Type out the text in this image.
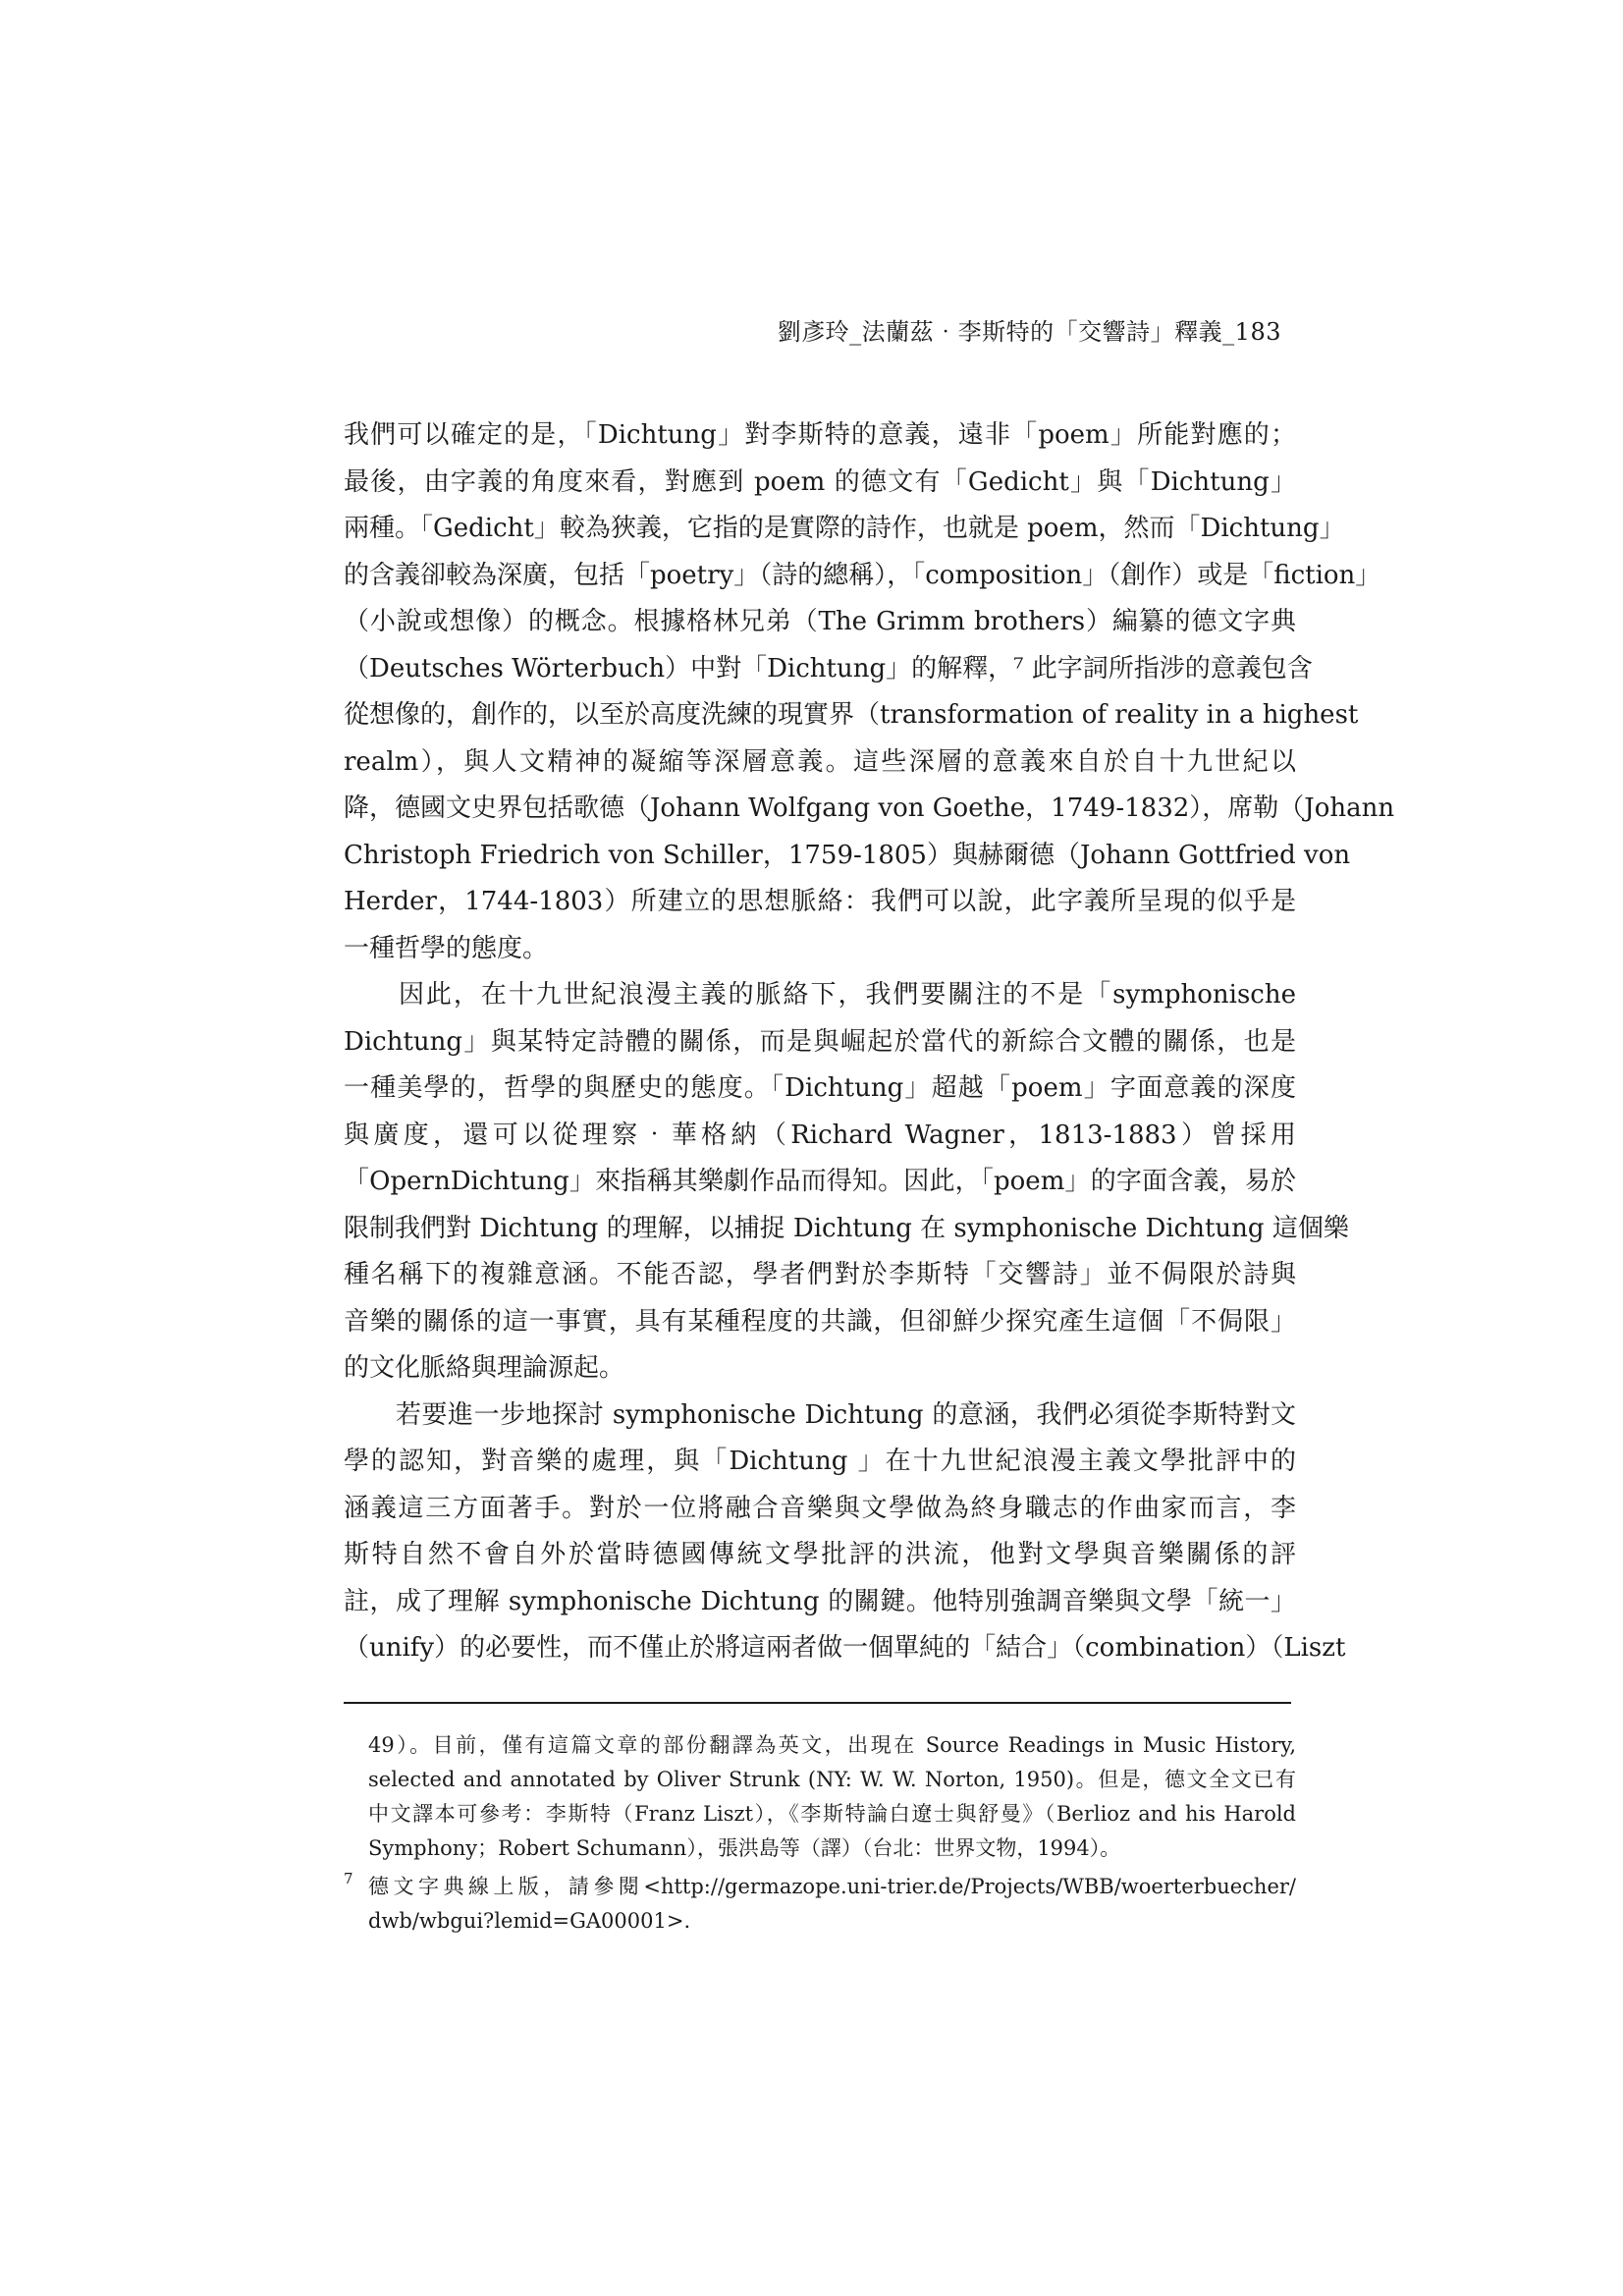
劉彥玲_法蘭茲‧李斯特的「交響詩」釋義_183
我們可以確定的是，「Dichtung」對李斯特的意義，遠非「poem」所能對應的；
最後，由字義的角度來看，對應到 poem 的德文有「Gedicht」與「Dichtung」
兩種。「Gedicht」較為狹義，它指的是實際的詩作，也就是 poem，然而「Dichtung」
的含義卻較為深廣，包括「poetry」（詩的總稱），「composition」（創作）或是「fiction」
（小說或想像）的概念。根據格林兄弟（The Grimm brothers）編纂的德文字典
（Deutsches Wörterbuch）中對「Dichtung」的解釋，⁷ 此字詞所指涉的意義包含
從想像的，創作的，以至於高度洗練的現實界（transformation of reality in a highest
realm），與人文精神的凝縮等深層意義。這些深層的意義來自於自十九世紀以
降，德國文史界包括歌德（Johann Wolfgang von Goethe，1749-1832），席勒（Johann
Christoph Friedrich von Schiller，1759-1805）與赫爾德（Johann Gottfried von
Herder，1744-1803）所建立的思想脈絡：我們可以說，此字義所呈現的似乎是
一種哲學的態度。
　　因此，在十九世紀浪漫主義的脈絡下，我們要關注的不是「symphonische
Dichtung」與某特定詩體的關係，而是與崛起於當代的新綜合文體的關係，也是
一種美學的，哲學的與歷史的態度。「Dichtung」超越「poem」字面意義的深度
與廣度，還可以從理察‧華格納（Richard Wagner，1813-1883）曾採用
「OpernDichtung」來指稱其樂劇作品而得知。因此，「poem」的字面含義，易於
限制我們對 Dichtung 的理解，以捕捉 Dichtung 在 symphonische Dichtung 這個樂
種名稱下的複雜意涵。不能否認，學者們對於李斯特「交響詩」並不侷限於詩與
音樂的關係的這一事實，具有某種程度的共識，但卻鮮少探究產生這個「不侷限」
的文化脈絡與理論源起。
　　若要進一步地探討 symphonische Dichtung 的意涵，我們必須從李斯特對文
學的認知，對音樂的處理，與「Dichtung 」在十九世紀浪漫主義文學批評中的
涵義這三方面著手。對於一位將融合音樂與文學做為終身職志的作曲家而言，李
斯特自然不會自外於當時德國傳統文學批評的洪流，他對文學與音樂關係的評
註，成了理解 symphonische Dichtung 的關鍵。他特別強調音樂與文學「統一」
（unify）的必要性，而不僅止於將這兩者做一個單純的「結合」（combination）（Liszt
49）。目前，僅有這篇文章的部份翻譯為英文，出現在 Source Readings in Music History,
selected and annotated by Oliver Strunk (NY: W. W. Norton, 1950)。但是，德文全文已有
中文譯本可參考：李斯特（Franz Liszt），《李斯特論白遼士與舒曼》（Berlioz and his Harold
Symphony；Robert Schumann），張洪島等（譯）（台北：世界文物，1994）。
7 德文字典線上版，請參閱<http://germazope.uni-trier.de/Projects/WBB/woerterbuecher/
dwb/wbgui?lemid=GA00001>.
